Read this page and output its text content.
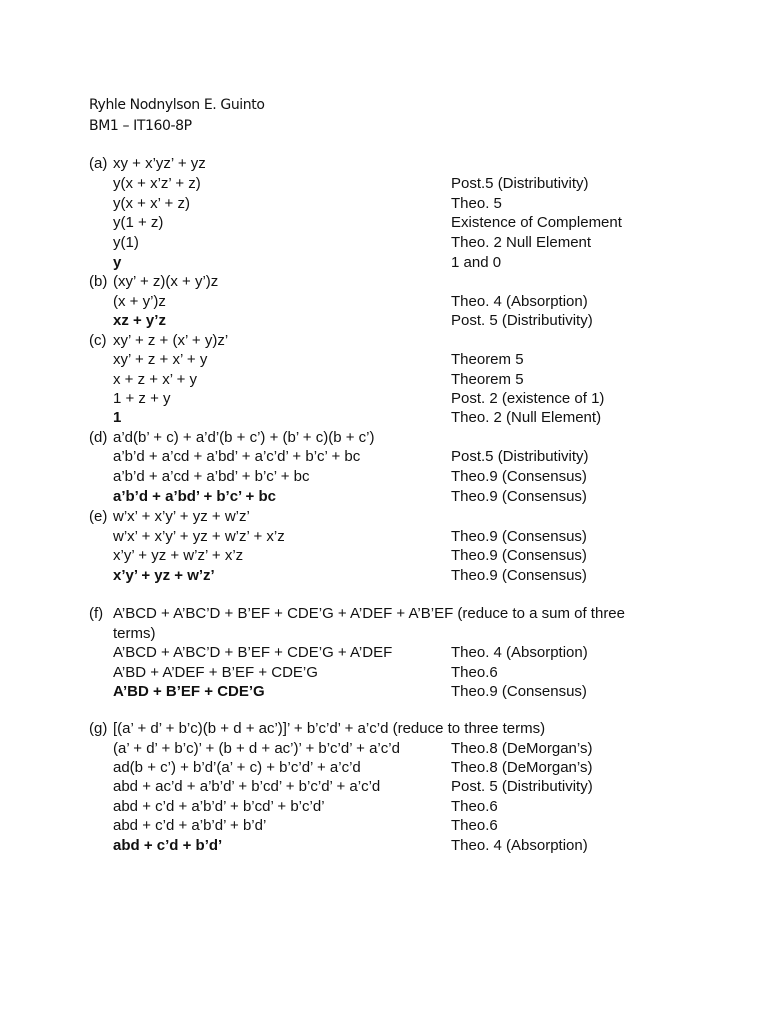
Ryhle Nodnylson E. Guinto
BM1 – IT160-8P
(a) xy + x’yz’ + yz
y(x + x’z’ + z)	Post.5 (Distributivity)
y(x + x’ + z)	Theo. 5
y(1 + z)	Existence of Complement
y(1)	Theo. 2 Null Element
y	1 and 0
(b) (xy’ + z)(x + y’)z
(x + y’)z	Theo. 4 (Absorption)
xz + y’z	Post. 5 (Distributivity)
(c) xy’ + z + (x’ + y)z’
xy’ + z + x’ + y	Theorem 5
x + z + x’ + y	Theorem 5
1 + z + y	Post. 2 (existence of 1)
1	Theo. 2 (Null Element)
(d) a’d(b’ + c) + a’d’(b + c’) + (b’ + c)(b + c’)
a’b’d + a’cd + a’bd’ + a’c’d’ + b’c’ + bc	Post.5 (Distributivity)
a’b’d + a’cd + a’bd’ + b’c’ + bc	Theo.9 (Consensus)
a’b’d + a’bd’ + b’c’ + bc	Theo.9 (Consensus)
(e) w’x’ + x’y’ + yz + w’z’
w’x’ + x’y’ + yz + w’z’ + x’z	Theo.9 (Consensus)
x’y’ + yz + w’z’ + x’z	Theo.9 (Consensus)
x’y’ + yz + w’z’	Theo.9 (Consensus)
(f) A’BCD + A’BC’D + B’EF + CDE’G + A’DEF + A’B’EF (reduce to a sum of three
terms)
A’BCD + A’BC’D + B’EF + CDE’G + A’DEF	Theo. 4 (Absorption)
A’BD + A’DEF + B’EF + CDE’G	Theo.6
A’BD + B’EF + CDE’G	Theo.9 (Consensus)
(g) [(a’ + d’ + b’c)(b + d + ac’)]’ + b’c’d’ + a’c’d (reduce to three terms)
(a’ + d’ + b’c)’ + (b + d + ac’)’ + b’c’d’ + a’c’d	Theo.8 (DeMorgan’s)
ad(b + c’) + b’d’(a’ + c) + b’c’d’ + a’c’d	Theo.8 (DeMorgan’s)
abd + ac’d + a’b’d’ + b’cd’ + b’c’d’ + a’c’d	Post. 5 (Distributivity)
abd + c’d + a’b’d’ + b’cd’ + b’c’d’	Theo.6
abd + c’d + a’b’d’ + b’d’	Theo.6
abd + c’d + b’d’	Theo. 4 (Absorption)
